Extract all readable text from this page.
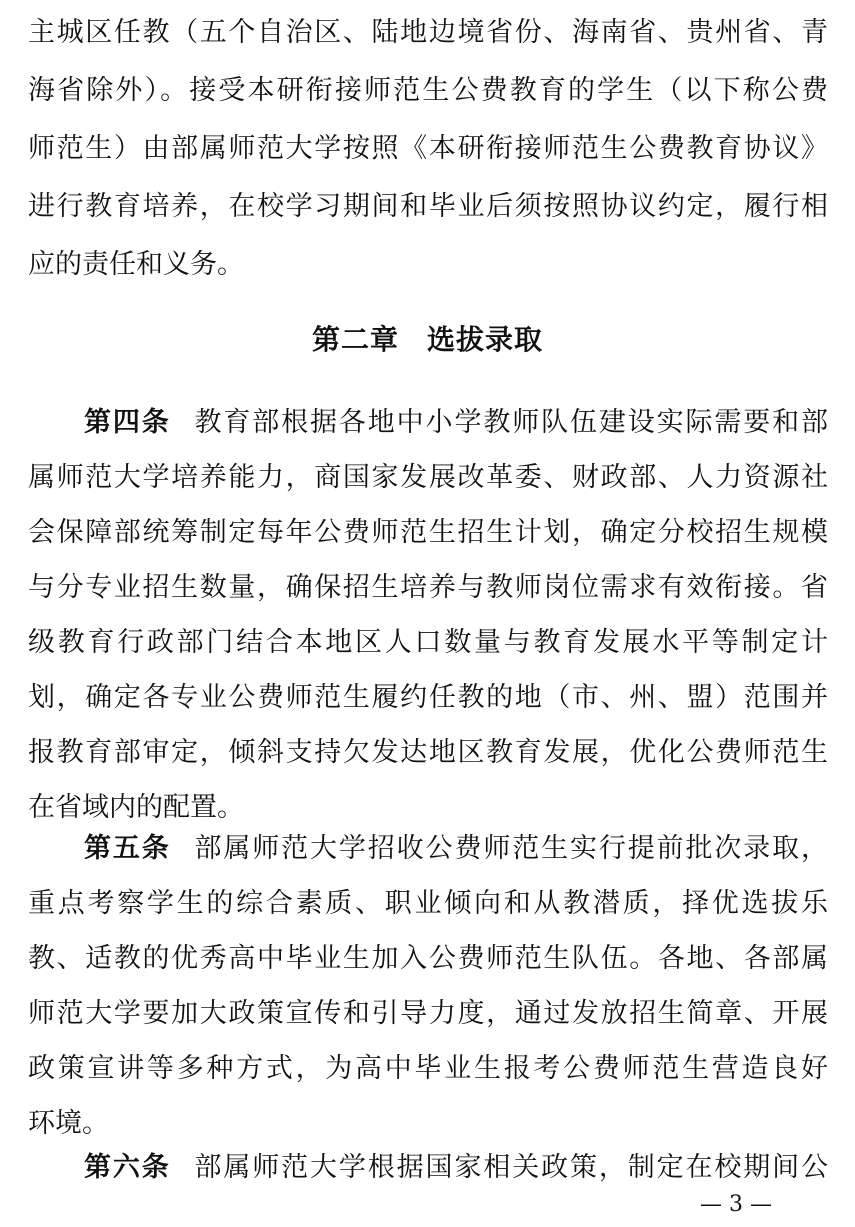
主城区任教（五个自治区、陆地边境省份、海南省、贵州省、青
海省除外）。接受本研衔接师范生公费教育的学生（以下称公费
师范生）由部属师范大学按照《本研衔接师范生公费教育协议》
进行教育培养，在校学习期间和毕业后须按照协议约定，履行相
应的责任和义务。
第二章 选拔录取
第四条 教育部根据各地中小学教师队伍建设实际需要和部
属师范大学培养能力，商国家发展改革委、财政部、人力资源社
会保障部统筹制定每年公费师范生招生计划，确定分校招生规模
与分专业招生数量，确保招生培养与教师岗位需求有效衔接。省
级教育行政部门结合本地区人口数量与教育发展水平等制定计
划，确定各专业公费师范生履约任教的地（市、州、盟）范围并
报教育部审定，倾斜支持欠发达地区教育发展，优化公费师范生
在省域内的配置。
第五条 部属师范大学招收公费师范生实行提前批次录取，
重点考察学生的综合素质、职业倾向和从教潜质，择优选拔乐
教、适教的优秀高中毕业生加入公费师范生队伍。各地、各部属
师范大学要加大政策宣传和引导力度，通过发放招生简章、开展
政策宣讲等多种方式，为高中毕业生报考公费师范生营造良好
环境。
第六条 部属师范大学根据国家相关政策，制定在校期间公
— 3 —
